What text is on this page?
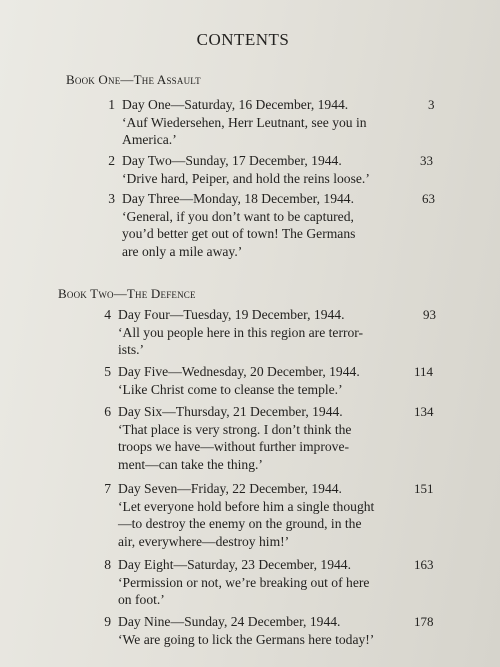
CONTENTS
Book One—The Assault
1 Day One—Saturday, 16 December, 1944.
‘Auf Wiedersehen, Herr Leutnant, see you in
America.’
3
2 Day Two—Sunday, 17 December, 1944.
‘Drive hard, Peiper, and hold the reins loose.’
33
3 Day Three—Monday, 18 December, 1944.
‘General, if you don’t want to be captured,
you’d better get out of town! The Germans
are only a mile away.’
63
Book Two—The Defence
4 Day Four—Tuesday, 19 December, 1944.
‘All you people here in this region are terror-
ists.’
93
5 Day Five—Wednesday, 20 December, 1944.
‘Like Christ come to cleanse the temple.’
114
6 Day Six—Thursday, 21 December, 1944.
‘That place is very strong. I don’t think the
troops we have—without further improve-
ment—can take the thing.’
134
7 Day Seven—Friday, 22 December, 1944.
‘Let everyone hold before him a single thought
—to destroy the enemy on the ground, in the
air, everywhere—destroy him!’
151
8 Day Eight—Saturday, 23 December, 1944.
‘Permission or not, we’re breaking out of here
on foot.’
163
9 Day Nine—Sunday, 24 December, 1944.
‘We are going to lick the Germans here today!’
178
